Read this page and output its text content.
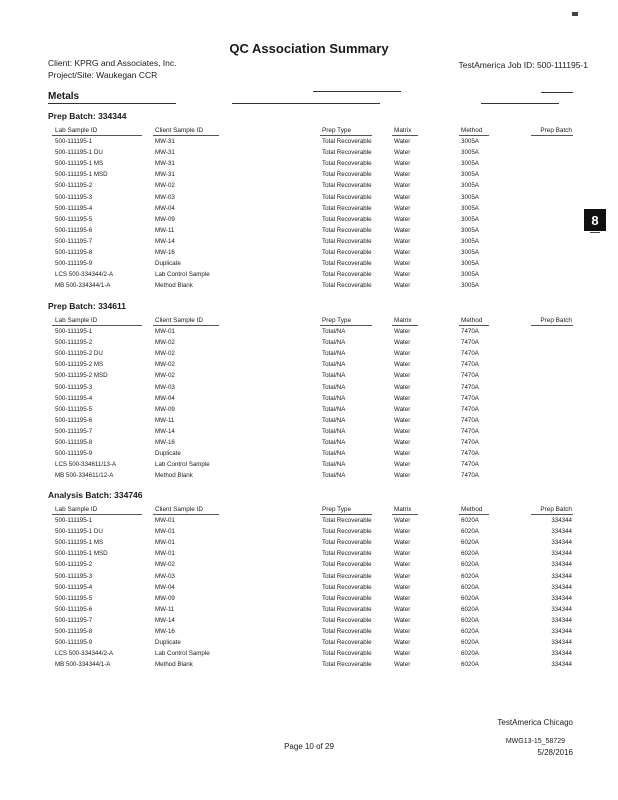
QC Association Summary
Client: KPRG and Associates, Inc.
Project/Site: Waukegan CCR
TestAmerica Job ID: 500-111195-1
Metals
Prep Batch: 334344
Lab Sample ID	Client Sample ID	Prep Type	Matrix	Method	Prep Batch
500-111195-1	MW-31	Total Recoverable	Water	3005A
500-111195-1 DU	MW-31	Total Recoverable	Water	3005A
500-111195-1 MS	MW-31	Total Recoverable	Water	3005A
500-111195-1 MSD	MW-31	Total Recoverable	Water	3005A
500-111195-2	MW-02	Total Recoverable	Water	3005A
500-111195-3	MW-03	Total Recoverable	Water	3005A
500-111195-4	MW-04	Total Recoverable	Water	3005A
500-111195-5	MW-09	Total Recoverable	Water	3005A
500-111195-6	MW-11	Total Recoverable	Water	3005A
500-111195-7	MW-14	Total Recoverable	Water	3005A
500-111195-8	MW-16	Total Recoverable	Water	3005A
500-111195-9	Duplicate	Total Recoverable	Water	3005A
LCS 500-334344/2-A	Lab Control Sample	Total Recoverable	Water	3005A
MB 500-334344/1-A	Method Blank	Total Recoverable	Water	3005A
Prep Batch: 334611
Lab Sample ID	Client Sample ID	Prep Type	Matrix	Method	Prep Batch
500-111195-1	MW-01	Total/NA	Water	7470A
500-111195-2	MW-02	Total/NA	Water	7470A
500-111195-2 DU	MW-02	Total/NA	Water	7470A
500-111195-2 MS	MW-02	Total/NA	Water	7470A
500-111195-2 MSD	MW-02	Total/NA	Water	7470A
500-111195-3	MW-03	Total/NA	Water	7470A
500-111195-4	MW-04	Total/NA	Water	7470A
500-111195-5	MW-09	Total/NA	Water	7470A
500-111195-6	MW-11	Total/NA	Water	7470A
500-111195-7	MW-14	Total/NA	Water	7470A
500-111195-8	MW-16	Total/NA	Water	7470A
500-111195-9	Duplicate	Total/NA	Water	7470A
LCS 500-334611/13-A	Lab Control Sample	Total/NA	Water	7470A
MB 500-334611/12-A	Method Blank	Total/NA	Water	7470A
Analysis Batch: 334746
Lab Sample ID	Client Sample ID	Prep Type	Matrix	Method	Prep Batch
500-111195-1	MW-01	Total Recoverable	Water	6020A	334344
500-111195-1 DU	MW-01	Total Recoverable	Water	6020A	334344
500-111195-1 MS	MW-01	Total Recoverable	Water	6020A	334344
500-111195-1 MSD	MW-01	Total Recoverable	Water	6020A	334344
500-111195-2	MW-02	Total Recoverable	Water	6020A	334344
500-111195-3	MW-03	Total Recoverable	Water	6020A	334344
500-111195-4	MW-04	Total Recoverable	Water	6020A	334344
500-111195-5	MW-09	Total Recoverable	Water	6020A	334344
500-111195-6	MW-11	Total Recoverable	Water	6020A	334344
500-111195-7	MW-14	Total Recoverable	Water	6020A	334344
500-111195-8	MW-16	Total Recoverable	Water	6020A	334344
500-111195-9	Duplicate	Total Recoverable	Water	6020A	334344
LCS 500-334344/2-A	Lab Control Sample	Total Recoverable	Water	6020A	334344
MB 500-334344/1-A	Method Blank	Total Recoverable	Water	6020A	334344
8
TestAmerica Chicago
Page 10 of 29
MWG13-15_58729
5/28/2016
